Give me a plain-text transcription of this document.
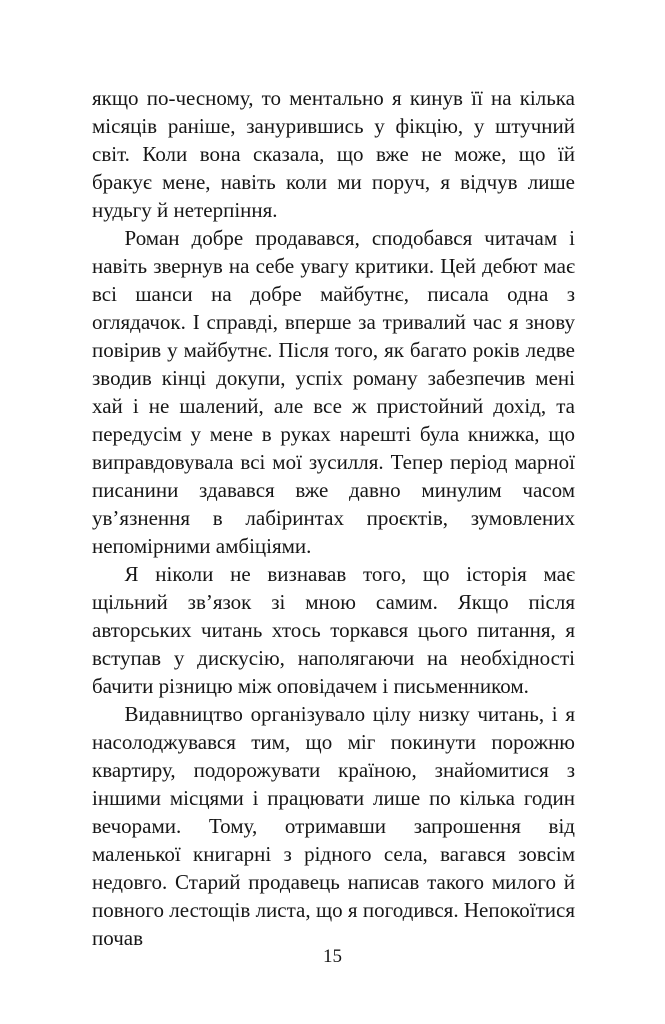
якщо по-чесному, то ментально я кинув її на кілька місяців раніше, занурившись у фікцію, у штучний світ. Коли вона сказала, що вже не може, що їй бракує мене, навіть коли ми поруч, я відчув лише нудьгу й нетерпіння.

Роман добре продавався, сподобався читачам і навіть звернув на себе увагу критики. Цей дебют має всі шанси на добре майбутнє, писала одна з оглядачок. І справді, вперше за тривалий час я знову повірив у майбутнє. Після того, як багато років ледве зводив кінці докупи, успіх роману забезпечив мені хай і не шалений, але все ж пристойний дохід, та передусім у мене в руках нарешті була книжка, що виправдовувала всі мої зусилля. Тепер період марної писанини здавався вже давно минулим часом ув’язнення в лабіринтах проєктів, зумовлених непомірними амбіціями.

Я ніколи не визнавав того, що історія має щільний зв’язок зі мною самим. Якщо після авторських читань хтось торкався цього питання, я вступав у дискусію, наполягаючи на необхідності бачити різницю між оповідачем і письменником.

Видавництво організувало цілу низку читань, і я насолоджувався тим, що міг покинути порожню квартиру, подорожувати країною, знайомитися з іншими місцями і працювати лише по кілька годин вечорами. Тому, отримавши запрошення від маленької книгарні з рідного села, вагався зовсім недовго. Старий продавець написав такого милого й повного лестощів листа, що я погодився. Непокоїтися почав

15
